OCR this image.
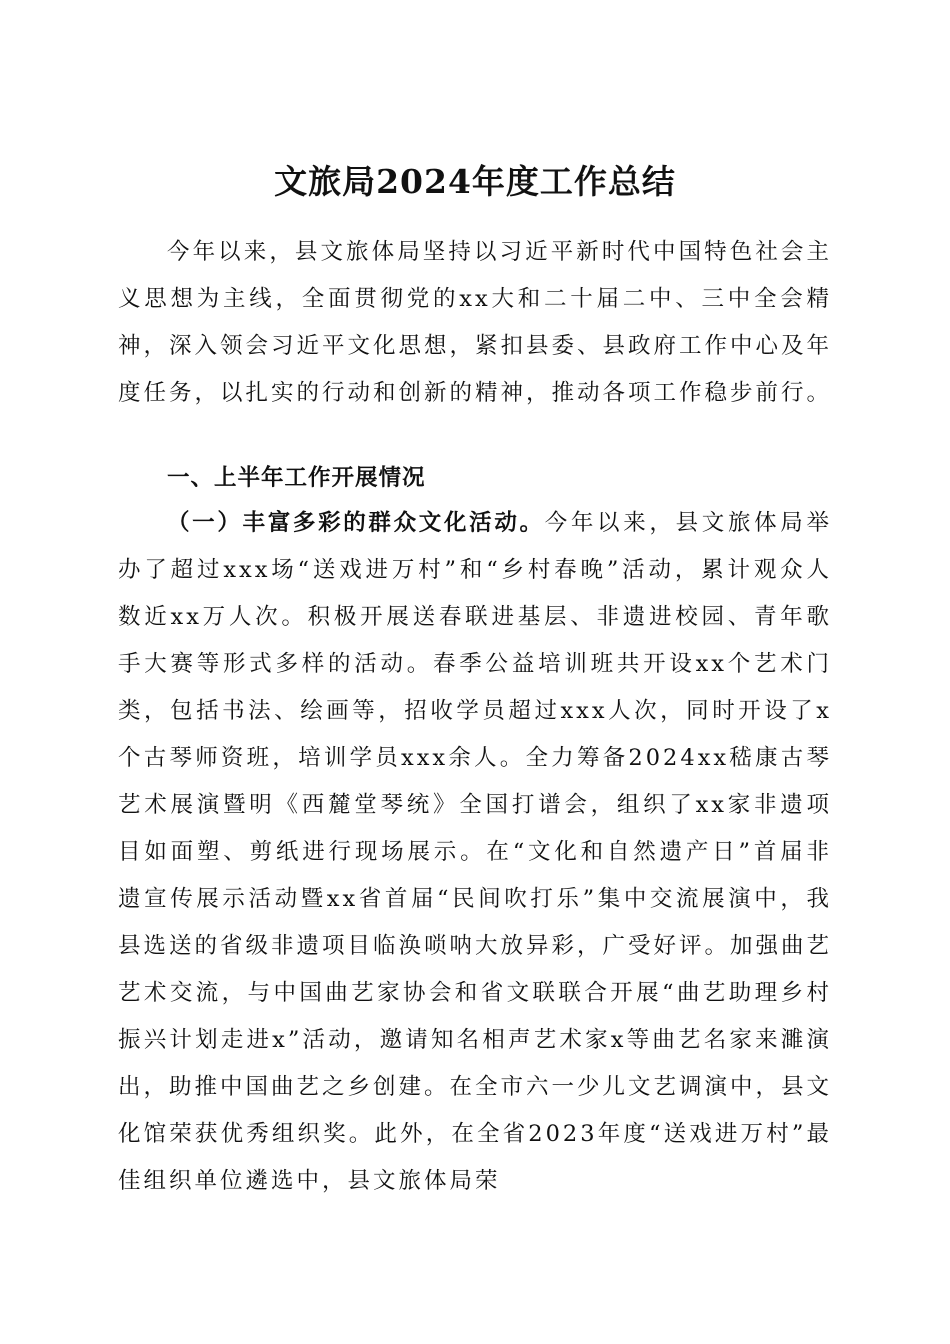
文旅局2024年度工作总结

今年以来，县文旅体局坚持以习近平新时代中国特色社会主义思想为主线，全面贯彻党的xx大和二十届二中、三中全会精神，深入领会习近平文化思想，紧扣县委、县政府工作中心及年度任务，以扎实的行动和创新的精神，推动各项工作稳步前行。

一、上半年工作开展情况

（一）丰富多彩的群众文化活动。今年以来，县文旅体局举办了超过xxx场“送戏进万村”和“乡村春晚”活动，累计观众人数近xx万人次。积极开展送春联进基层、非遗进校园、青年歌手大赛等形式多样的活动。春季公益培训班共开设xx个艺术门类，包括书法、绘画等，招收学员超过xxx人次，同时开设了x个古琴师资班，培训学员xxx余人。全力筹备2024xx嵇康古琴艺术展演暨明《西麓堂琴统》全国打谱会，组织了xx家非遗项目如面塑、剪纸进行现场展示。在“文化和自然遗产日”首届非遗宣传展示活动暨xx省首届“民间吹打乐”集中交流展演中，我县选送的省级非遗项目临涣唢呐大放异彩，广受好评。加强曲艺艺术交流，与中国曲艺家协会和省文联联合开展“曲艺助理乡村振兴计划走进x”活动，邀请知名相声艺术家x等曲艺名家来濉演出，助推中国曲艺之乡创建。在全市六一少儿文艺调演中，县文化馆荣获优秀组织奖。此外，在全省2023年度“送戏进万村”最佳组织单位遴选中，县文旅体局荣
